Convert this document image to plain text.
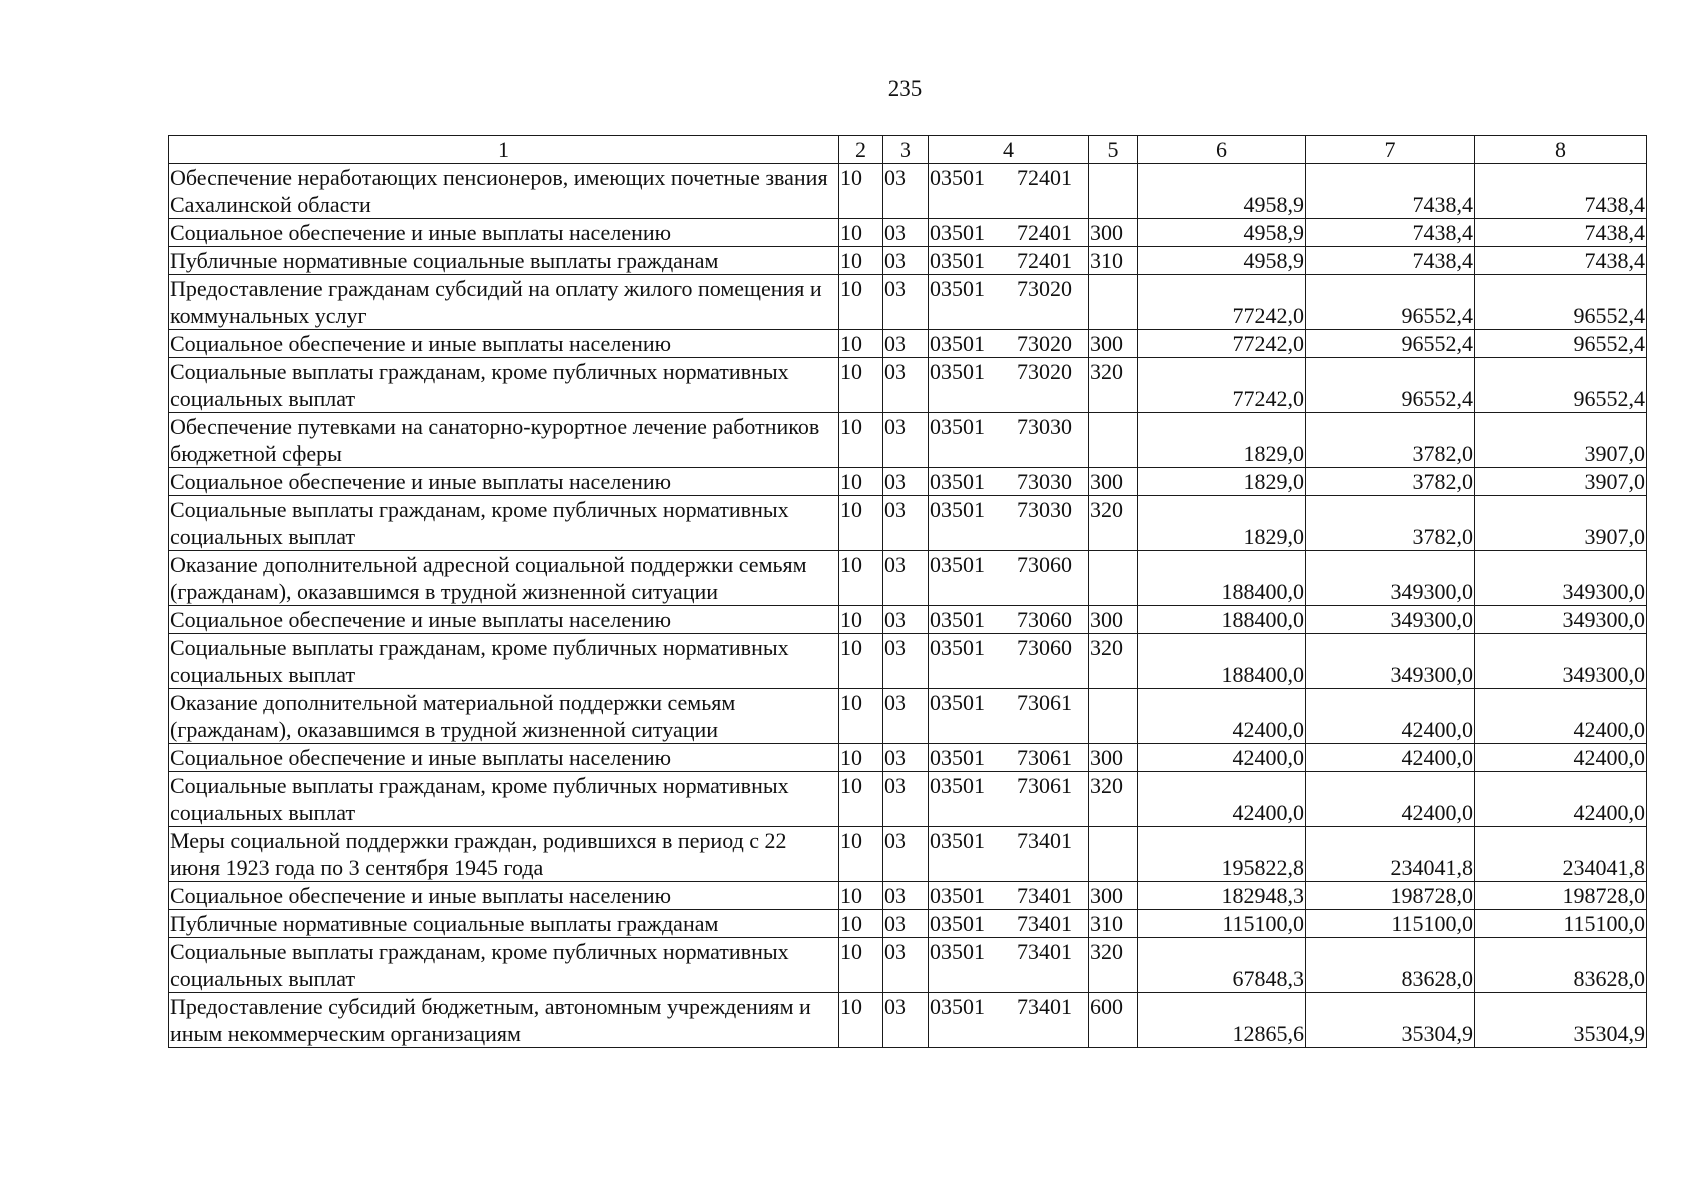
235
1	2	3	4	5	6	7	8
Обеспечение неработающих пенсионеров, имеющих почетные звания Сахалинской области	10	03	03501 72401		4958,9	7438,4	7438,4
Социальное обеспечение и иные выплаты населению	10	03	03501 72401	300	4958,9	7438,4	7438,4
Публичные нормативные социальные выплаты гражданам	10	03	03501 72401	310	4958,9	7438,4	7438,4
Предоставление гражданам субсидий на оплату жилого помещения и коммунальных услуг	10	03	03501 73020		77242,0	96552,4	96552,4
Социальное обеспечение и иные выплаты населению	10	03	03501 73020	300	77242,0	96552,4	96552,4
Социальные выплаты гражданам, кроме публичных нормативных социальных выплат	10	03	03501 73020	320	77242,0	96552,4	96552,4
Обеспечение путевками на санаторно-курортное лечение работников бюджетной сферы	10	03	03501 73030		1829,0	3782,0	3907,0
Социальное обеспечение и иные выплаты населению	10	03	03501 73030	300	1829,0	3782,0	3907,0
Социальные выплаты гражданам, кроме публичных нормативных социальных выплат	10	03	03501 73030	320	1829,0	3782,0	3907,0
Оказание дополнительной адресной социальной поддержки семьям (гражданам), оказавшимся в трудной жизненной ситуации	10	03	03501 73060		188400,0	349300,0	349300,0
Социальное обеспечение и иные выплаты населению	10	03	03501 73060	300	188400,0	349300,0	349300,0
Социальные выплаты гражданам, кроме публичных нормативных социальных выплат	10	03	03501 73060	320	188400,0	349300,0	349300,0
Оказание дополнительной материальной поддержки семьям (гражданам), оказавшимся в трудной жизненной ситуации	10	03	03501 73061		42400,0	42400,0	42400,0
Социальное обеспечение и иные выплаты населению	10	03	03501 73061	300	42400,0	42400,0	42400,0
Социальные выплаты гражданам, кроме публичных нормативных социальных выплат	10	03	03501 73061	320	42400,0	42400,0	42400,0
Меры социальной поддержки граждан, родившихся в период с 22 июня 1923 года по 3 сентября 1945 года	10	03	03501 73401		195822,8	234041,8	234041,8
Социальное обеспечение и иные выплаты населению	10	03	03501 73401	300	182948,3	198728,0	198728,0
Публичные нормативные социальные выплаты гражданам	10	03	03501 73401	310	115100,0	115100,0	115100,0
Социальные выплаты гражданам, кроме публичных нормативных социальных выплат	10	03	03501 73401	320	67848,3	83628,0	83628,0
Предоставление субсидий бюджетным, автономным учреждениям и иным некоммерческим организациям	10	03	03501 73401	600	12865,6	35304,9	35304,9
